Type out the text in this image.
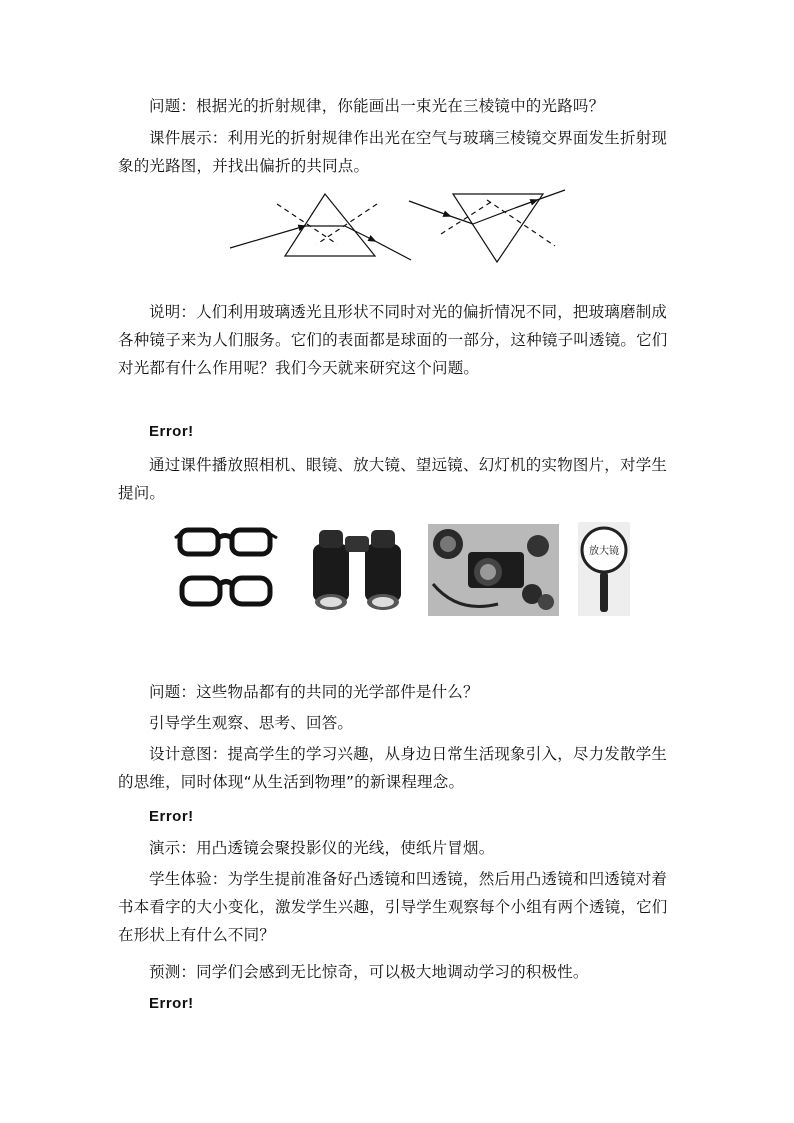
问题：根据光的折射规律，你能画出一束光在三棱镜中的光路吗？

课件展示：利用光的折射规律作出光在空气与玻璃三棱镜交界面发生折射现象的光路图，并找出偏折的共同点。

说明：人们利用玻璃透光且形状不同时对光的偏折情况不同，把玻璃磨制成各种镜子来为人们服务。它们的表面都是球面的一部分，这种镜子叫透镜。它们对光都有什么作用呢？我们今天就来研究这个问题。

Error!

通过课件播放照相机、眼镜、放大镜、望远镜、幻灯机的实物图片，对学生提问。

放大镜

问题：这些物品都有的共同的光学部件是什么？

引导学生观察、思考、回答。

设计意图：提高学生的学习兴趣，从身边日常生活现象引入，尽力发散学生的思维，同时体现“从生活到物理”的新课程理念。

Error!

演示：用凸透镜会聚投影仪的光线，使纸片冒烟。

学生体验：为学生提前准备好凸透镜和凹透镜，然后用凸透镜和凹透镜对着书本看字的大小变化，激发学生兴趣，引导学生观察每个小组有两个透镜，它们在形状上有什么不同？

预测：同学们会感到无比惊奇，可以极大地调动学习的积极性。

Error!
